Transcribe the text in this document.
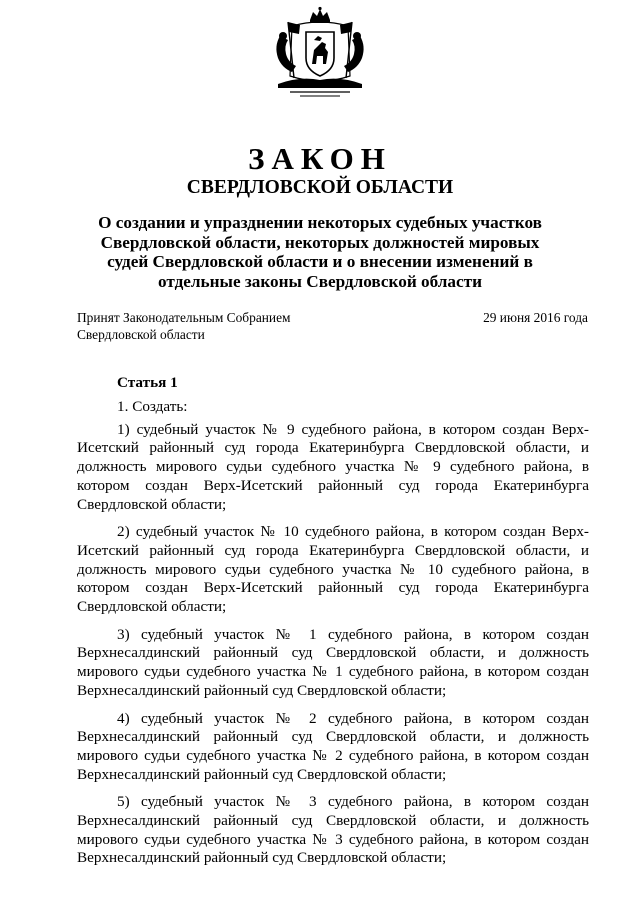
ЗАКОН
СВЕРДЛОВСКОЙ ОБЛАСТИ
О создании и упразднении некоторых судебных участков Свердловской области, некоторых должностей мировых судей Свердловской области и о внесении изменений в отдельные законы Свердловской области
Принят Законодательным Собранием Свердловской области
29 июня 2016 года
Статья 1

1. Создать:

1) судебный участок № 9 судебного района, в котором создан Верх-Исетский районный суд города Екатеринбурга Свердловской области, и должность мирового судьи судебного участка № 9 судебного района, в котором создан Верх-Исетский районный суд города Екатеринбурга Свердловской области;

2) судебный участок № 10 судебного района, в котором создан Верх-Исетский районный суд города Екатеринбурга Свердловской области, и должность мирового судьи судебного участка № 10 судебного района, в котором создан Верх-Исетский районный суд города Екатеринбурга Свердловской области;

3) судебный участок № 1 судебного района, в котором создан Верхнесалдинский районный суд Свердловской области, и должность мирового судьи судебного участка № 1 судебного района, в котором создан Верхнесалдинский районный суд Свердловской области;

4) судебный участок № 2 судебного района, в котором создан Верхнесалдинский районный суд Свердловской области, и должность мирового судьи судебного участка № 2 судебного района, в котором создан Верхнесалдинский районный суд Свердловской области;

5) судебный участок № 3 судебного района, в котором создан Верхнесалдинский районный суд Свердловской области, и должность мирового судьи судебного участка № 3 судебного района, в котором создан Верхнесалдинский районный суд Свердловской области;
